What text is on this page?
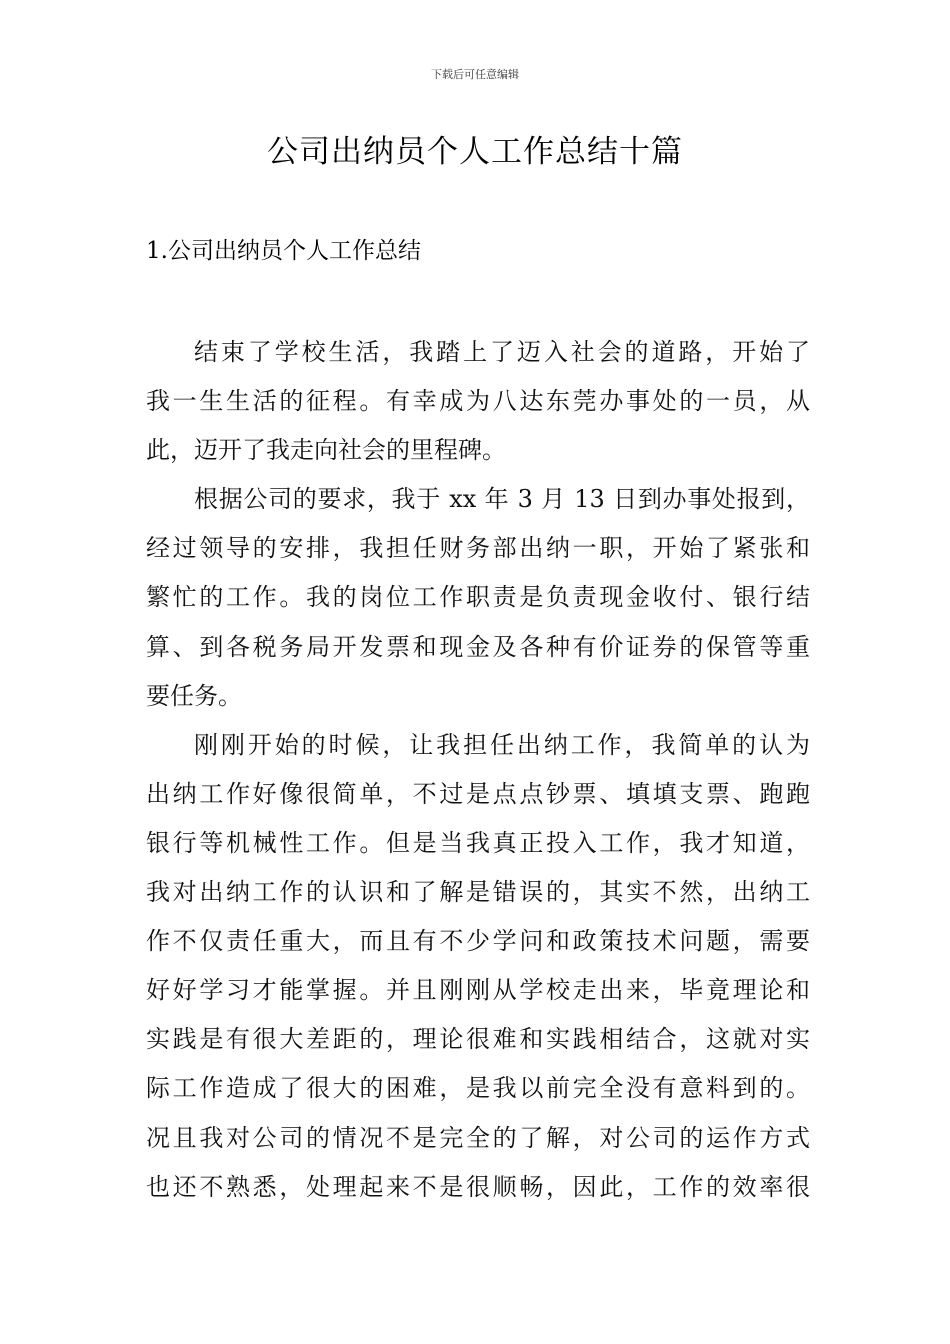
下载后可任意编辑
公司出纳员个人工作总结十篇
1.公司出纳员个人工作总结
结束了学校生活，我踏上了迈入社会的道路，开始了
我一生生活的征程。有幸成为八达东莞办事处的一员，从
此，迈开了我走向社会的里程碑。
根据公司的要求，我于 xx 年 3 月 13 日到办事处报到，
经过领导的安排，我担任财务部出纳一职，开始了紧张和
繁忙的工作。我的岗位工作职责是负责现金收付、银行结
算、到各税务局开发票和现金及各种有价证券的保管等重
要任务。
刚刚开始的时候，让我担任出纳工作，我简单的认为
出纳工作好像很简单，不过是点点钞票、填填支票、跑跑
银行等机械性工作。但是当我真正投入工作，我才知道，
我对出纳工作的认识和了解是错误的，其实不然，出纳工
作不仅责任重大，而且有不少学问和政策技术问题，需要
好好学习才能掌握。并且刚刚从学校走出来，毕竟理论和
实践是有很大差距的，理论很难和实践相结合，这就对实
际工作造成了很大的困难，是我以前完全没有意料到的。
况且我对公司的情况不是完全的了解，对公司的运作方式
也还不熟悉，处理起来不是很顺畅，因此，工作的效率很
